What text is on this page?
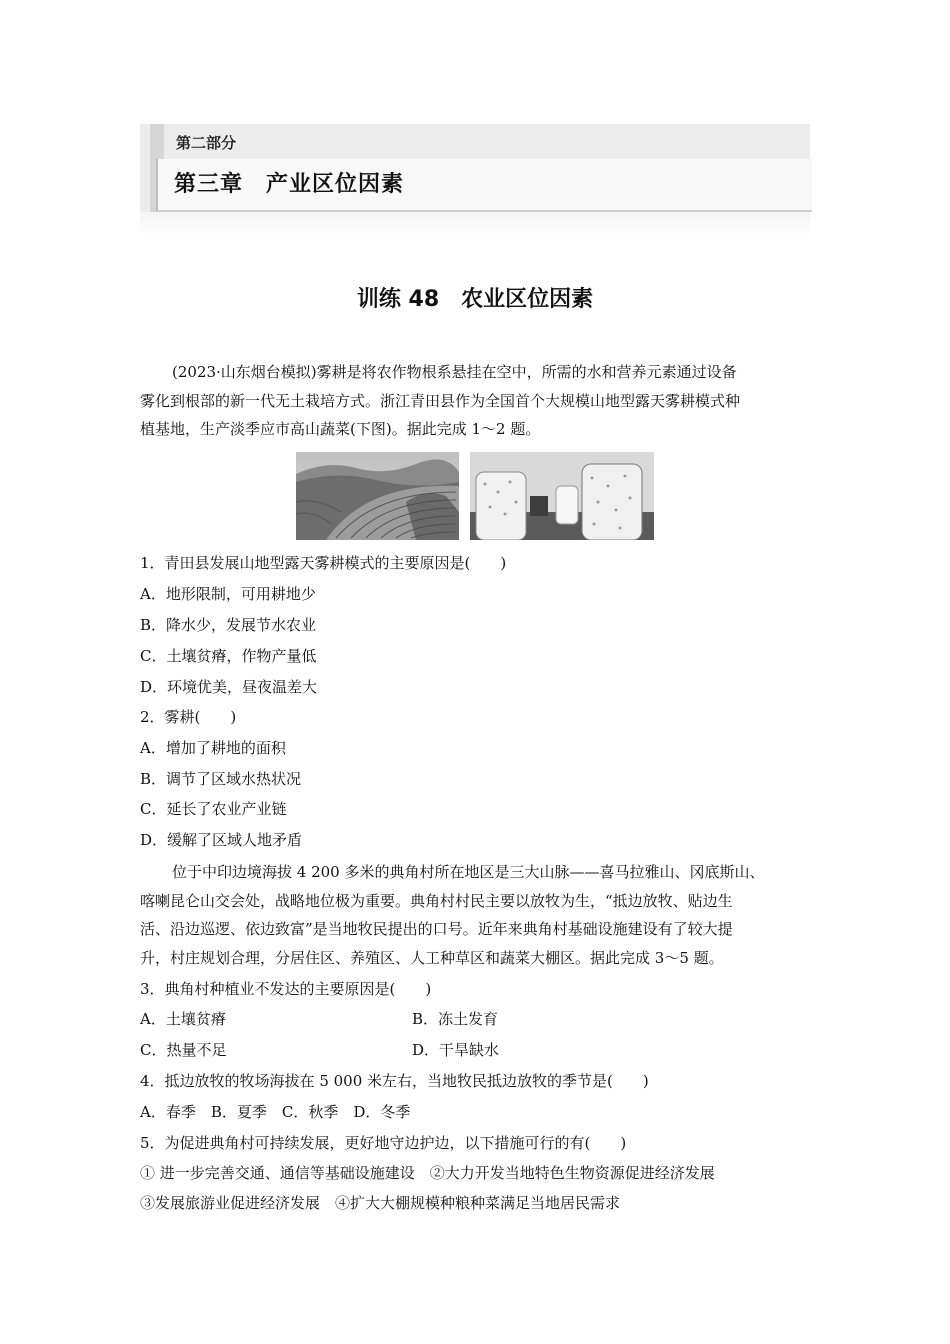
第二部分
第三章　产业区位因素
训练 48　农业区位因素
(2023·山东烟台模拟)雾耕是将农作物根系悬挂在空中，所需的水和营养元素通过设备
雾化到根部的新一代无土栽培方式。浙江青田县作为全国首个大规模山地型露天雾耕模式种
植基地，生产淡季应市高山蔬菜(下图)。据此完成 1～2 题。
1．青田县发展山地型露天雾耕模式的主要原因是(　　)
A．地形限制，可用耕地少
B．降水少，发展节水农业
C．土壤贫瘠，作物产量低
D．环境优美，昼夜温差大
2．雾耕(　　)
A．增加了耕地的面积
B．调节了区域水热状况
C．延长了农业产业链
D．缓解了区域人地矛盾
位于中印边境海拔 4 200 多米的典角村所在地区是三大山脉——喜马拉雅山、冈底斯山、
喀喇昆仑山交会处，战略地位极为重要。典角村村民主要以放牧为生，“抵边放牧、贴边生
活、沿边巡逻、依边致富”是当地牧民提出的口号。近年来典角村基础设施建设有了较大提
升，村庄规划合理，分居住区、养殖区、人工种草区和蔬菜大棚区。据此完成 3～5 题。
3．典角村种植业不发达的主要原因是(　　)
A．土壤贫瘠	B．冻土发育
C．热量不足	D．干旱缺水
4．抵边放牧的牧场海拔在 5 000 米左右，当地牧民抵边放牧的季节是(　　)
A．春季　B．夏季　C．秋季　D．冬季
5．为促进典角村可持续发展，更好地守边护边，以下措施可行的有(　　)
① 进一步完善交通、通信等基础设施建设　②大力开发当地特色生物资源促进经济发展
③发展旅游业促进经济发展　④扩大大棚规模种粮种菜满足当地居民需求
